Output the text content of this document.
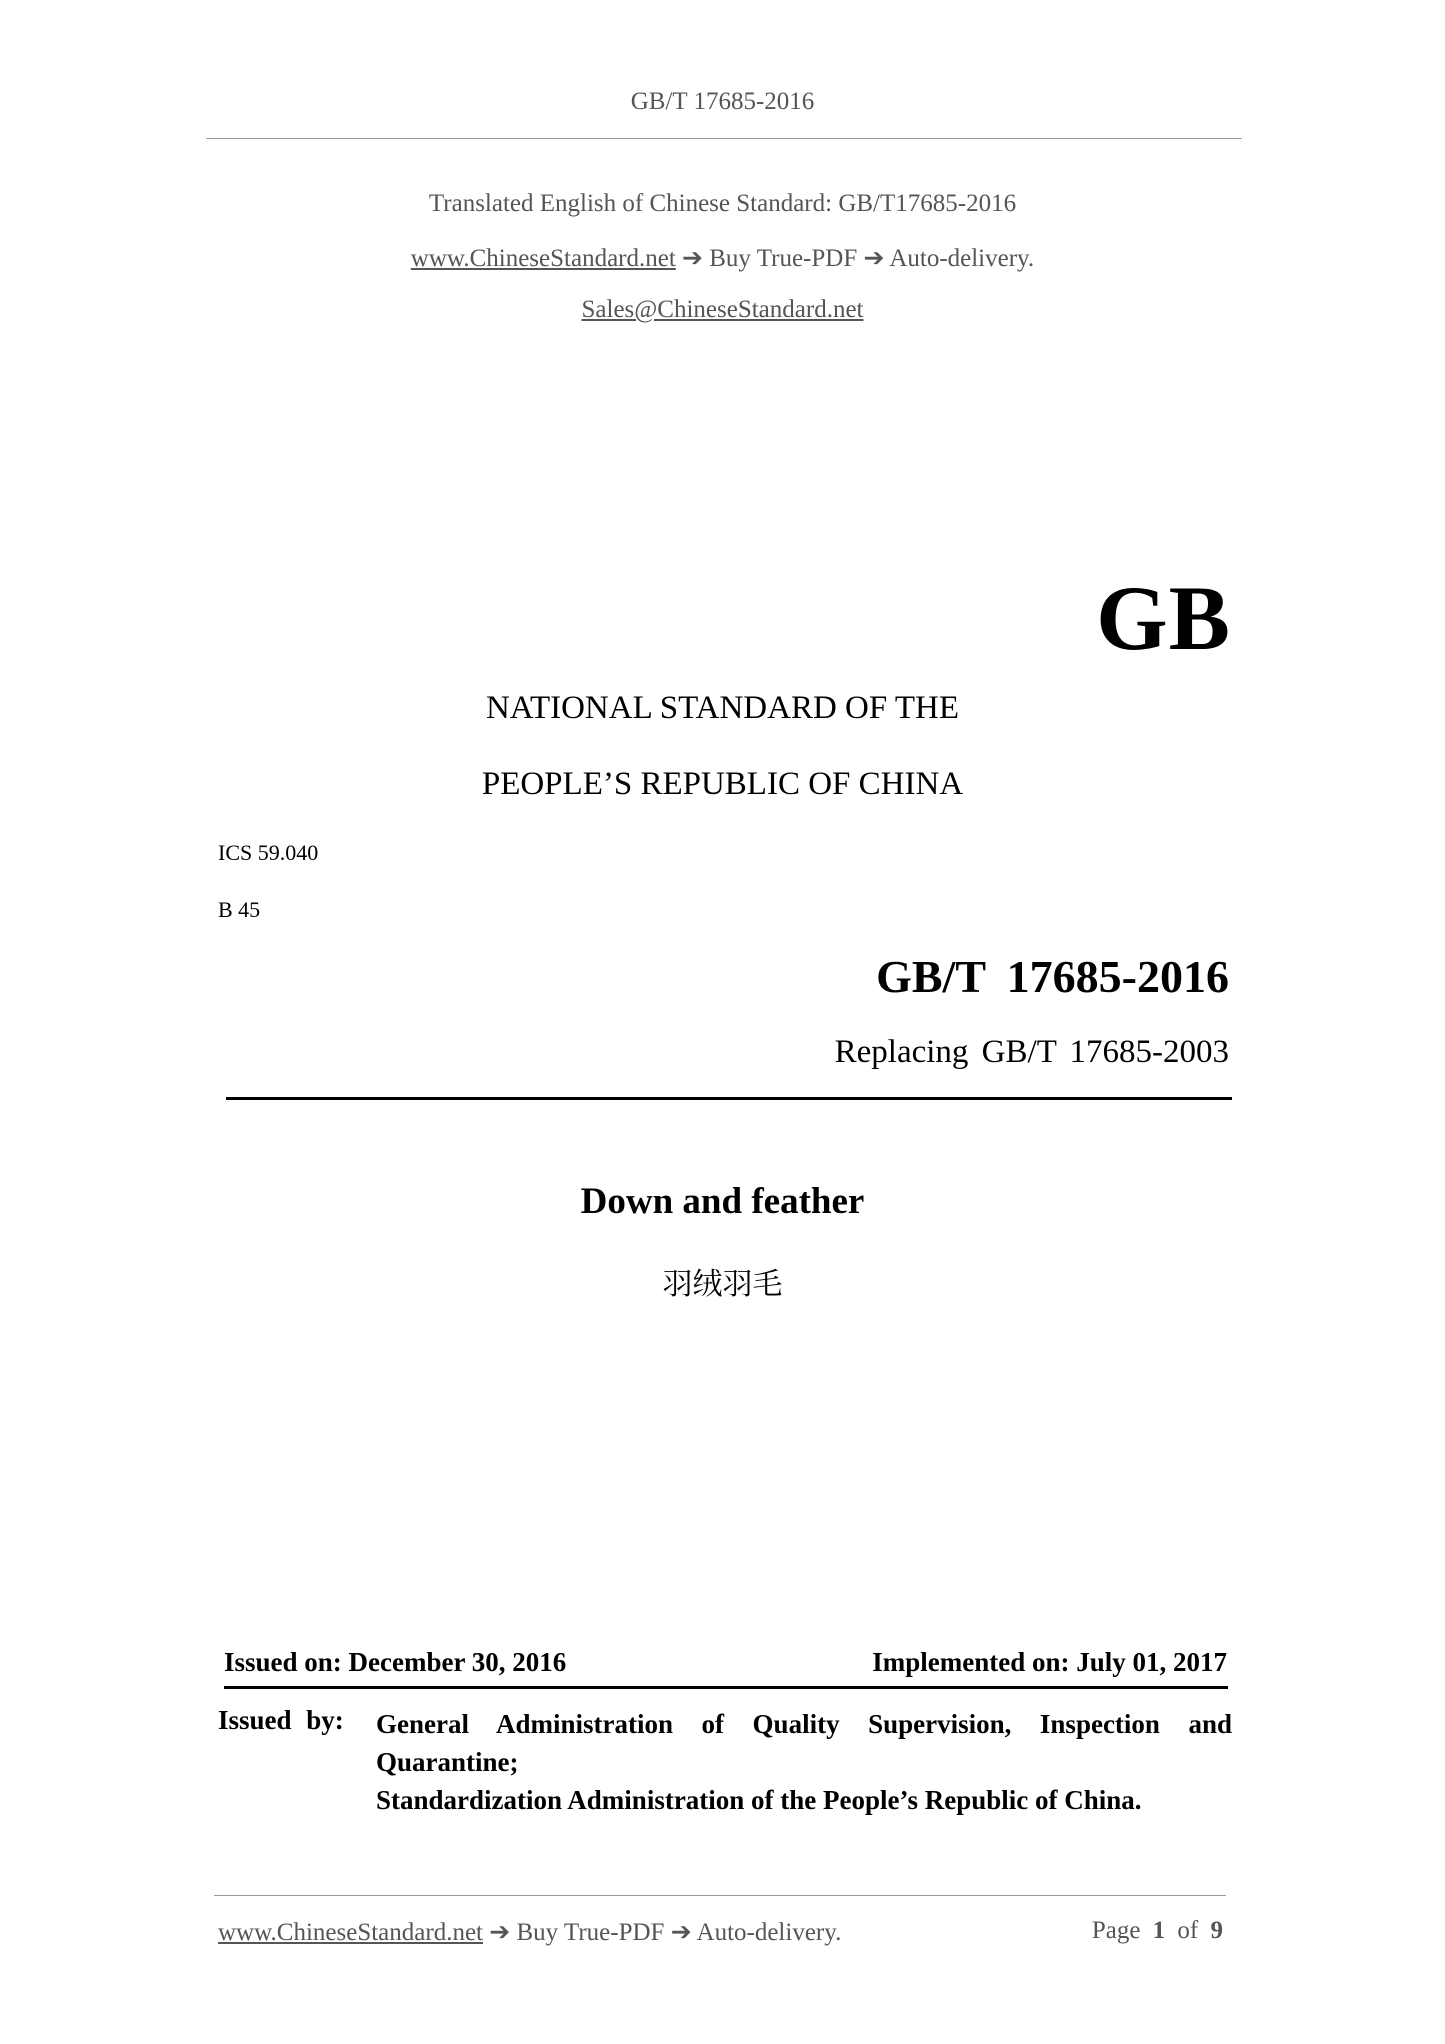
GB/T 17685-2016
Translated English of Chinese Standard: GB/T17685-2016
www.ChineseStandard.net ➔ Buy True-PDF ➔ Auto-delivery.
Sales@ChineseStandard.net
GB
NATIONAL STANDARD OF THE
PEOPLE’S REPUBLIC OF CHINA
ICS 59.040
B 45
GB/T 17685-2016
Replacing GB/T 17685-2003
Down and feather
羽绒羽毛
Issued on: December 30, 2016	Implemented on: July 01, 2017
Issued by: General Administration of Quality Supervision, Inspection and Quarantine;
Standardization Administration of the People’s Republic of China.
www.ChineseStandard.net ➔ Buy True-PDF ➔ Auto-delivery.	Page 1 of 9
